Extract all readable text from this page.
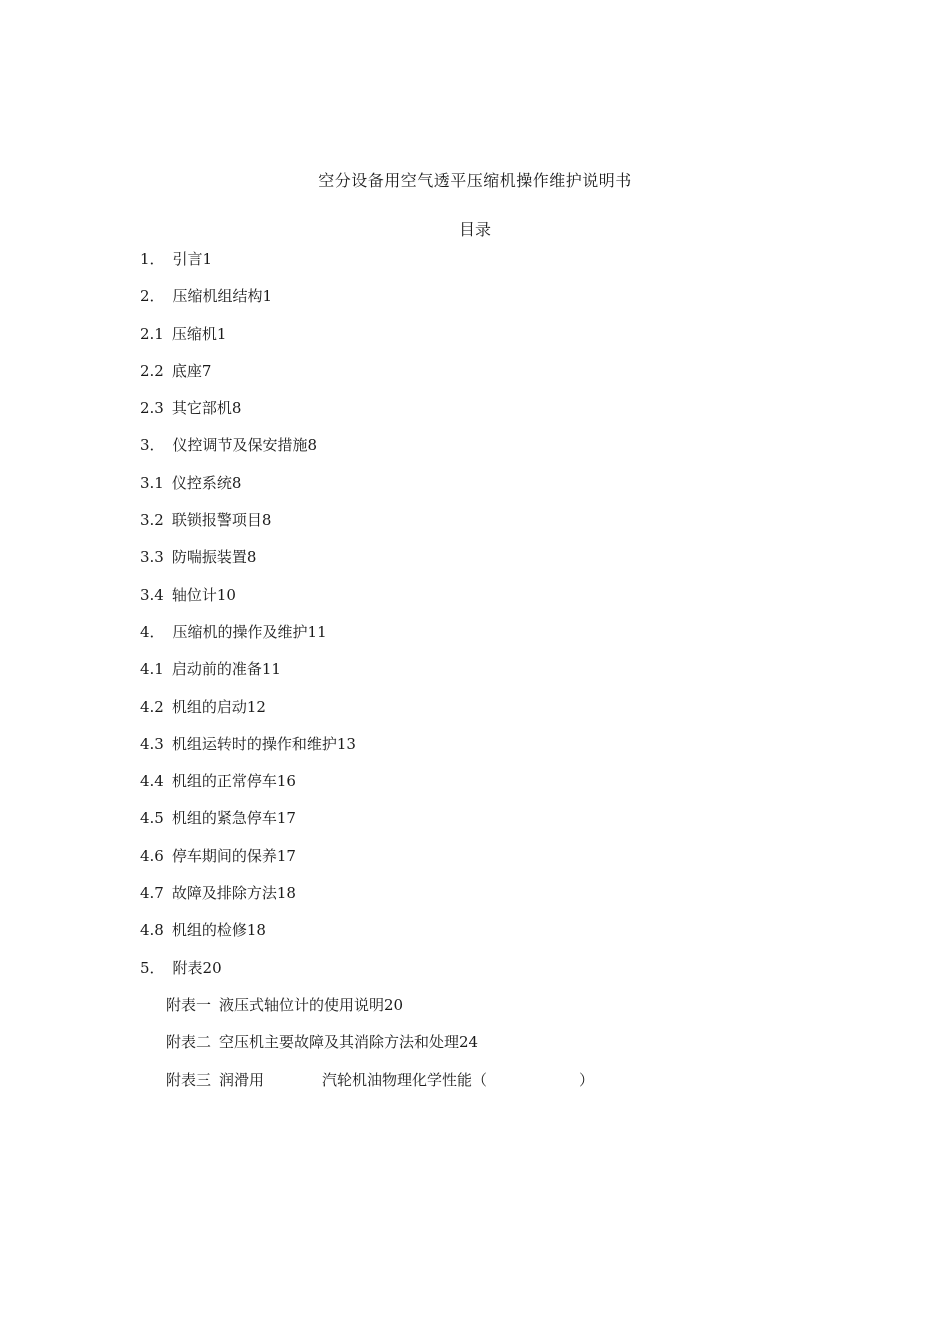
空分设备用空气透平压缩机操作维护说明书
目录
1． 引言1
2． 压缩机组结构1
2.1 压缩机1
2.2 底座7
2.3 其它部机8
3． 仪控调节及保安措施8
3.1 仪控系统8
3.2 联锁报警项目8
3.3 防喘振装置8
3.4 轴位计10
4． 压缩机的操作及维护11
4.1 启动前的准备11
4.2 机组的启动12
4.3 机组运转时的操作和维护13
4.4 机组的正常停车16
4.5 机组的紧急停车17
4.6 停车期间的保养17
4.7 故障及排除方法18
4.8 机组的检修18
5． 附表20
附表一 液压式轴位计的使用说明20
附表二 空压机主要故障及其消除方法和处理24
附表三 润滑用	汽轮机油物理化学性能（	）
